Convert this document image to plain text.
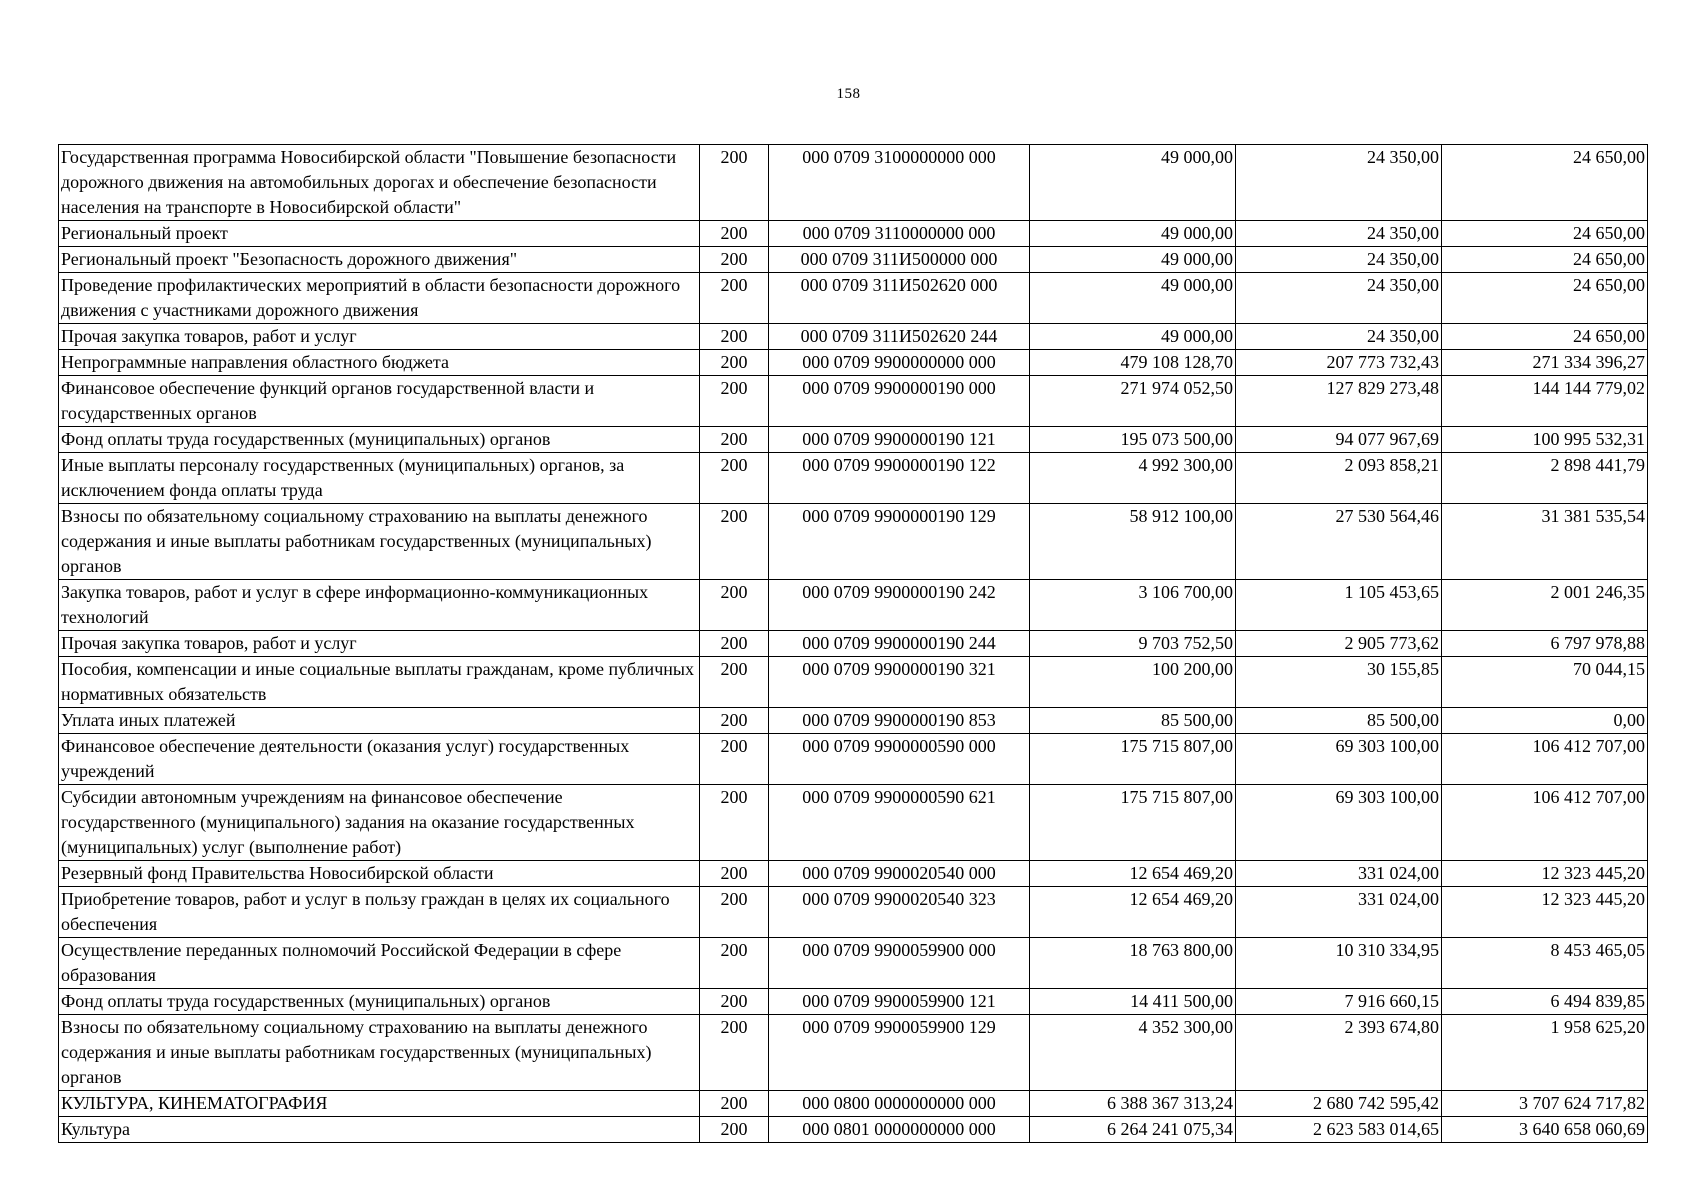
158
Государственная программа Новосибирской области "Повышение безопасности дорожного движения на автомобильных дорогах и обеспечение безопасности населения на транспорте в Новосибирской области"	200	000 0709 3100000000 000	49 000,00	24 350,00	24 650,00
Региональный проект	200	000 0709 3110000000 000	49 000,00	24 350,00	24 650,00
Региональный проект "Безопасность дорожного движения"	200	000 0709 311И500000 000	49 000,00	24 350,00	24 650,00
Проведение профилактических мероприятий в области безопасности дорожного движения с участниками дорожного движения	200	000 0709 311И502620 000	49 000,00	24 350,00	24 650,00
Прочая закупка товаров, работ и услуг	200	000 0709 311И502620 244	49 000,00	24 350,00	24 650,00
Непрограммные направления областного бюджета	200	000 0709 9900000000 000	479 108 128,70	207 773 732,43	271 334 396,27
Финансовое обеспечение функций органов государственной власти и государственных органов	200	000 0709 9900000190 000	271 974 052,50	127 829 273,48	144 144 779,02
Фонд оплаты труда государственных (муниципальных) органов	200	000 0709 9900000190 121	195 073 500,00	94 077 967,69	100 995 532,31
Иные выплаты персоналу государственных (муниципальных) органов, за исключением фонда оплаты труда	200	000 0709 9900000190 122	4 992 300,00	2 093 858,21	2 898 441,79
Взносы по обязательному социальному страхованию на выплаты денежного содержания и иные выплаты работникам государственных (муниципальных) органов	200	000 0709 9900000190 129	58 912 100,00	27 530 564,46	31 381 535,54
Закупка товаров, работ и услуг в сфере информационно-коммуникационных технологий	200	000 0709 9900000190 242	3 106 700,00	1 105 453,65	2 001 246,35
Прочая закупка товаров, работ и услуг	200	000 0709 9900000190 244	9 703 752,50	2 905 773,62	6 797 978,88
Пособия, компенсации и иные социальные выплаты гражданам, кроме публичных нормативных обязательств	200	000 0709 9900000190 321	100 200,00	30 155,85	70 044,15
Уплата иных платежей	200	000 0709 9900000190 853	85 500,00	85 500,00	0,00
Финансовое обеспечение деятельности (оказания услуг) государственных учреждений	200	000 0709 9900000590 000	175 715 807,00	69 303 100,00	106 412 707,00
Субсидии автономным учреждениям на финансовое обеспечение государственного (муниципального) задания на оказание государственных (муниципальных) услуг (выполнение работ)	200	000 0709 9900000590 621	175 715 807,00	69 303 100,00	106 412 707,00
Резервный фонд Правительства Новосибирской области	200	000 0709 9900020540 000	12 654 469,20	331 024,00	12 323 445,20
Приобретение товаров, работ и услуг в пользу граждан в целях их социального обеспечения	200	000 0709 9900020540 323	12 654 469,20	331 024,00	12 323 445,20
Осуществление переданных полномочий Российской Федерации в сфере образования	200	000 0709 9900059900 000	18 763 800,00	10 310 334,95	8 453 465,05
Фонд оплаты труда государственных (муниципальных) органов	200	000 0709 9900059900 121	14 411 500,00	7 916 660,15	6 494 839,85
Взносы по обязательному социальному страхованию на выплаты денежного содержания и иные выплаты работникам государственных (муниципальных) органов	200	000 0709 9900059900 129	4 352 300,00	2 393 674,80	1 958 625,20
КУЛЬТУРА, КИНЕМАТОГРАФИЯ	200	000 0800 0000000000 000	6 388 367 313,24	2 680 742 595,42	3 707 624 717,82
Культура	200	000 0801 0000000000 000	6 264 241 075,34	2 623 583 014,65	3 640 658 060,69
